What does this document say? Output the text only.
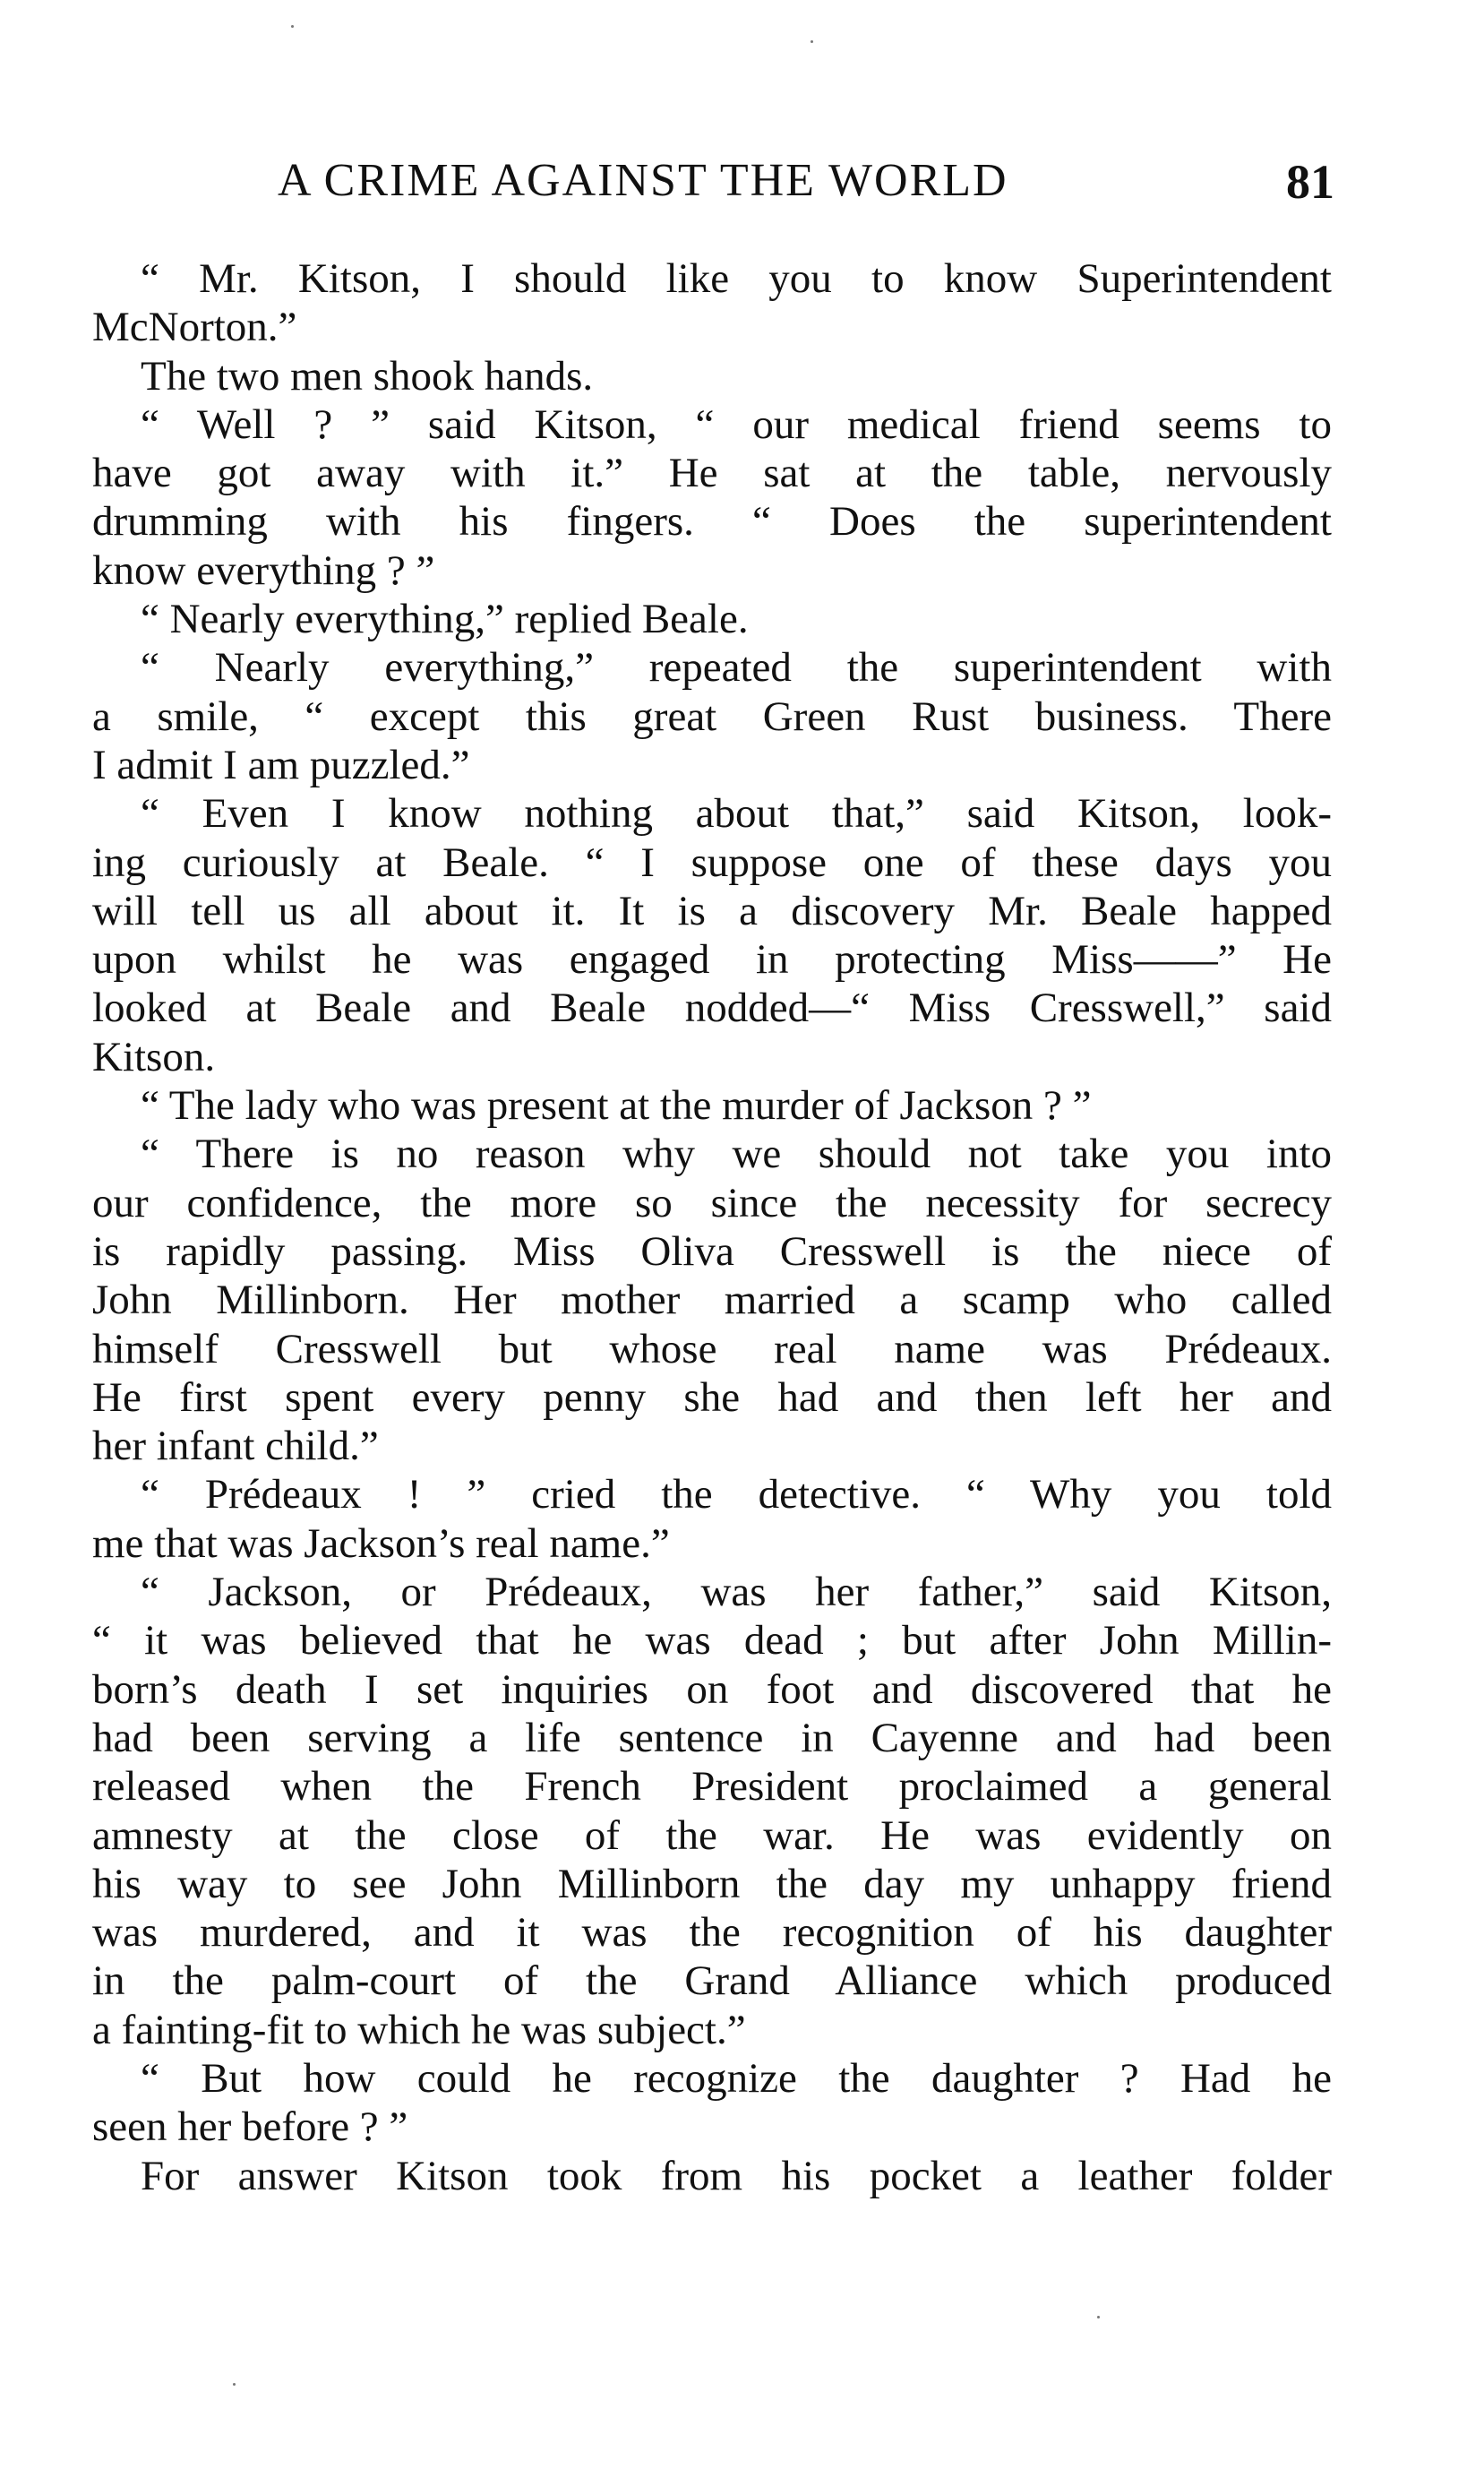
A CRIME AGAINST THE WORLD	81
“ Mr. Kitson, I should like you to know Superintendent
McNorton.”
The two men shook hands.
“ Well ? ” said Kitson, “ our medical friend seems to
have got away with it.” He sat at the table, nervously
drumming with his fingers. “ Does the superintendent
know everything ? ”
“ Nearly everything,” replied Beale.
“ Nearly everything,” repeated the superintendent with
a smile, “ except this great Green Rust business. There
I admit I am puzzled.”
“ Even I know nothing about that,” said Kitson, look-
ing curiously at Beale. “ I suppose one of these days you
will tell us all about it. It is a discovery Mr. Beale happed
upon whilst he was engaged in protecting Miss——” He
looked at Beale and Beale nodded—“ Miss Cresswell,” said
Kitson.
“ The lady who was present at the murder of Jackson ? ”
“ There is no reason why we should not take you into
our confidence, the more so since the necessity for secrecy
is rapidly passing. Miss Oliva Cresswell is the niece of
John Millinborn. Her mother married a scamp who called
himself Cresswell but whose real name was Prédeaux.
He first spent every penny she had and then left her and
her infant child.”
“ Prédeaux ! ” cried the detective. “ Why you told
me that was Jackson’s real name.”
“ Jackson, or Prédeaux, was her father,” said Kitson,
“ it was believed that he was dead ; but after John Millin-
born’s death I set inquiries on foot and discovered that he
had been serving a life sentence in Cayenne and had been
released when the French President proclaimed a general
amnesty at the close of the war. He was evidently on
his way to see John Millinborn the day my unhappy friend
was murdered, and it was the recognition of his daughter
in the palm-court of the Grand Alliance which produced
a fainting-fit to which he was subject.”
“ But how could he recognize the daughter ? Had he
seen her before ? ”
For answer Kitson took from his pocket a leather folder
